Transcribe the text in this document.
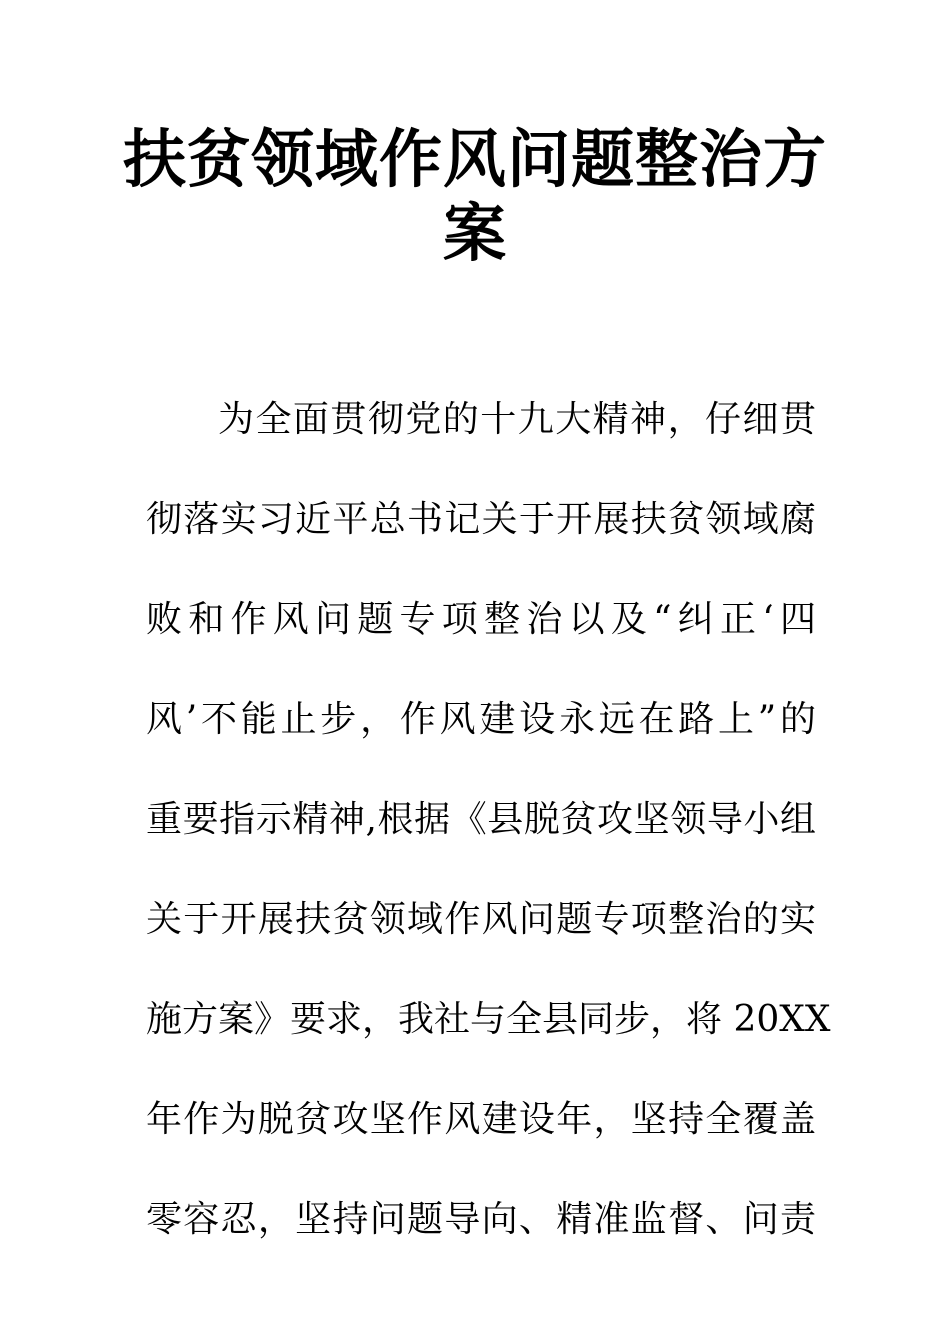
扶贫领域作风问题整治方
案
为全面贯彻党的十九大精神，仔细贯
彻落实习近平总书记关于开展扶贫领域腐
败和作风问题专项整治以及“纠正‘四
风’不能止步，作风建设永远在路上”的
重要指示精神,根据《县脱贫攻坚领导小组
关于开展扶贫领域作风问题专项整治的实
施方案》要求，我社与全县同步，将 20XX
年作为脱贫攻坚作风建设年，坚持全覆盖
零容忍，坚持问题导向、精准监督、问责
